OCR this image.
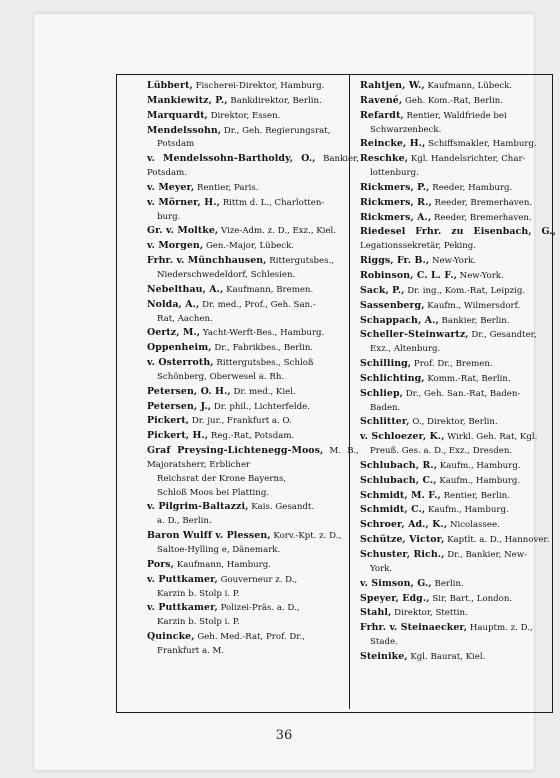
Lübbert, Fischerei-Direktor, Hamburg.
Mankiewitz, P., Bankdirektor, Berlin.
Marquardt, Direktor, Essen.
Mendelssohn, Dr., Geh. Regierungsrat,
Potsdam
v. Mendelssohn-Bartholdy, O., Bankier, Potsdam.
v. Meyer, Rentier, Paris.
v. Mörner, H., Rittm d. L., Charlotten-
burg.
Gr. v. Moltke, Vize-Adm. z. D., Exz., Kiel.
v. Morgen, Gen.-Major, Lübeck.
Frhr. v. Münchhausen, Rittergutsbes.,
Niederschwedeldorf, Schlesien.
Nebelthau, A., Kaufmann, Bremen.
Nolda, A., Dr. med., Prof., Geh. San.-
Rat, Aachen.
Oertz, M., Yacht-Werft-Bes., Hamburg.
Oppenheim, Dr., Fabrikbes., Berlin.
v. Osterroth, Rittergutsbes., Schloß
Schönberg, Oberwesel a. Rh.
Petersen, O. H., Dr. med., Kiel.
Petersen, J., Dr. phil., Lichterfelde.
Pickert, Dr. jur., Frankfurt a. O.
Pickert, H., Reg.-Rat, Potsdam.
Graf Preysing-Lichtenegg-Moos, M. B., Majoratsherr, Erblicher
Reichsrat der Krone Bayerns,
Schloß Moos bei Platting.
v. Pilgrim-Baltazzi, Kais. Gesandt.
a. D., Berlin.
Baron Wulff v. Plessen, Korv.-Kpt. z. D.,
Saltoe-Hylling e, Dänemark.
Pors, Kaufmann, Hamburg.
v. Puttkamer, Gouverneur z. D.,
Karzin b. Stolp i. P.
v. Puttkamer, Polizei-Präs. a. D.,
Karzin b. Stolp i. P.
Quincke, Geh. Med.-Rat, Prof. Dr.,
Frankfurt a. M.
Rahtjen, W., Kaufmann, Lübeck.
Ravené, Geh. Kom.-Rat, Berlin.
Refardt, Rentier, Waldfriede bei
Schwarzenbeck.
Reincke, H., Schiffsmakler, Hamburg.
Reschke, Kgl. Handelsrichter, Char-
lottenburg.
Rickmers, P., Reeder, Hamburg.
Rickmers, R., Reeder, Bremerhaven.
Rickmers, A., Reeder, Bremerhaven.
Riedesel Frhr. zu Eisenbach, G., Legationssekretär, Peking.
Riggs, Fr. B., New-York.
Robinson, C. L. F., New-York.
Sack, P., Dr. ing., Kom.-Rat, Leipzig.
Sassenberg, Kaufm., Wilmersdorf.
Schappach, A., Bankier, Berlin.
Scheller-Steinwartz, Dr., Gesandter,
Exz., Altenburg.
Schilling, Prof. Dr., Bremen.
Schlichting, Komm.-Rat, Berlin.
Schliep, Dr., Geh. San.-Rat, Baden-
Baden.
Schlitter, O., Direktor, Berlin.
v. Schloezer, K., Wirkl. Geh. Rat, Kgl.
Preuß. Ges. a. D., Exz., Dresden.
Schlubach, R., Kaufm., Hamburg.
Schlubach, C., Kaufm., Hamburg.
Schmidt, M. F., Rentier, Berlin.
Schmidt, C., Kaufm., Hamburg.
Schroer, Ad., K., Nicolassee.
Schütze, Victor, Kaptlt. a. D., Hannover.
Schuster, Rich., Dr., Bankier, New-
York.
v. Simson, G., Berlin.
Speyer, Edg., Sir, Bart., London.
Stahl, Direktor, Stettin.
Frhr. v. Steinaecker, Hauptm. z. D.,
Stade.
Steinike, Kgl. Baurat, Kiel.
36
